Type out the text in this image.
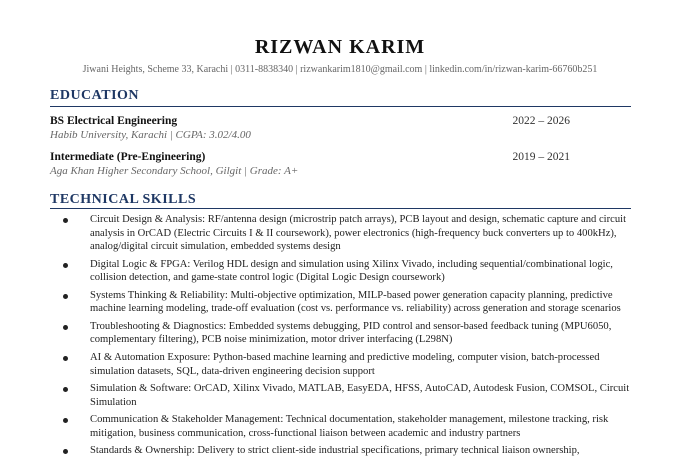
RIZWAN KARIM
Jiwani Heights, Scheme 33, Karachi | 0311-8838340 | rizwankarim1810@gmail.com | linkedin.com/in/rizwan-karim-66760b251
EDUCATION
BS Electrical Engineering	2022 – 2026
Habib University, Karachi | CGPA: 3.02/4.00
Intermediate (Pre-Engineering)	2019 – 2021
Aga Khan Higher Secondary School, Gilgit | Grade: A+
TECHNICAL SKILLS
Circuit Design & Analysis: RF/antenna design (microstrip patch arrays), PCB layout and design, schematic capture and circuit analysis in OrCAD (Electric Circuits I & II coursework), power electronics (high-frequency buck converters up to 400kHz), analog/digital circuit simulation, embedded systems design
Digital Logic & FPGA: Verilog HDL design and simulation using Xilinx Vivado, including sequential/combinational logic, collision detection, and game-state control logic (Digital Logic Design coursework)
Systems Thinking & Reliability: Multi-objective optimization, MILP-based power generation capacity planning, predictive machine learning modeling, trade-off evaluation (cost vs. performance vs. reliability) across generation and storage scenarios
Troubleshooting & Diagnostics: Embedded systems debugging, PID control and sensor-based feedback tuning (MPU6050, complementary filtering), PCB noise minimization, motor driver interfacing (L298N)
AI & Automation Exposure: Python-based machine learning and predictive modeling, computer vision, batch-processed simulation datasets, SQL, data-driven engineering decision support
Simulation & Software: OrCAD, Xilinx Vivado, MATLAB, EasyEDA, HFSS, AutoCAD, Autodesk Fusion, COMSOL, Circuit Simulation
Communication & Stakeholder Management: Technical documentation, stakeholder management, milestone tracking, risk mitigation, business communication, cross-functional liaison between academic and industry partners
Standards & Ownership: Delivery to strict client-side industrial specifications, primary technical liaison ownership,
